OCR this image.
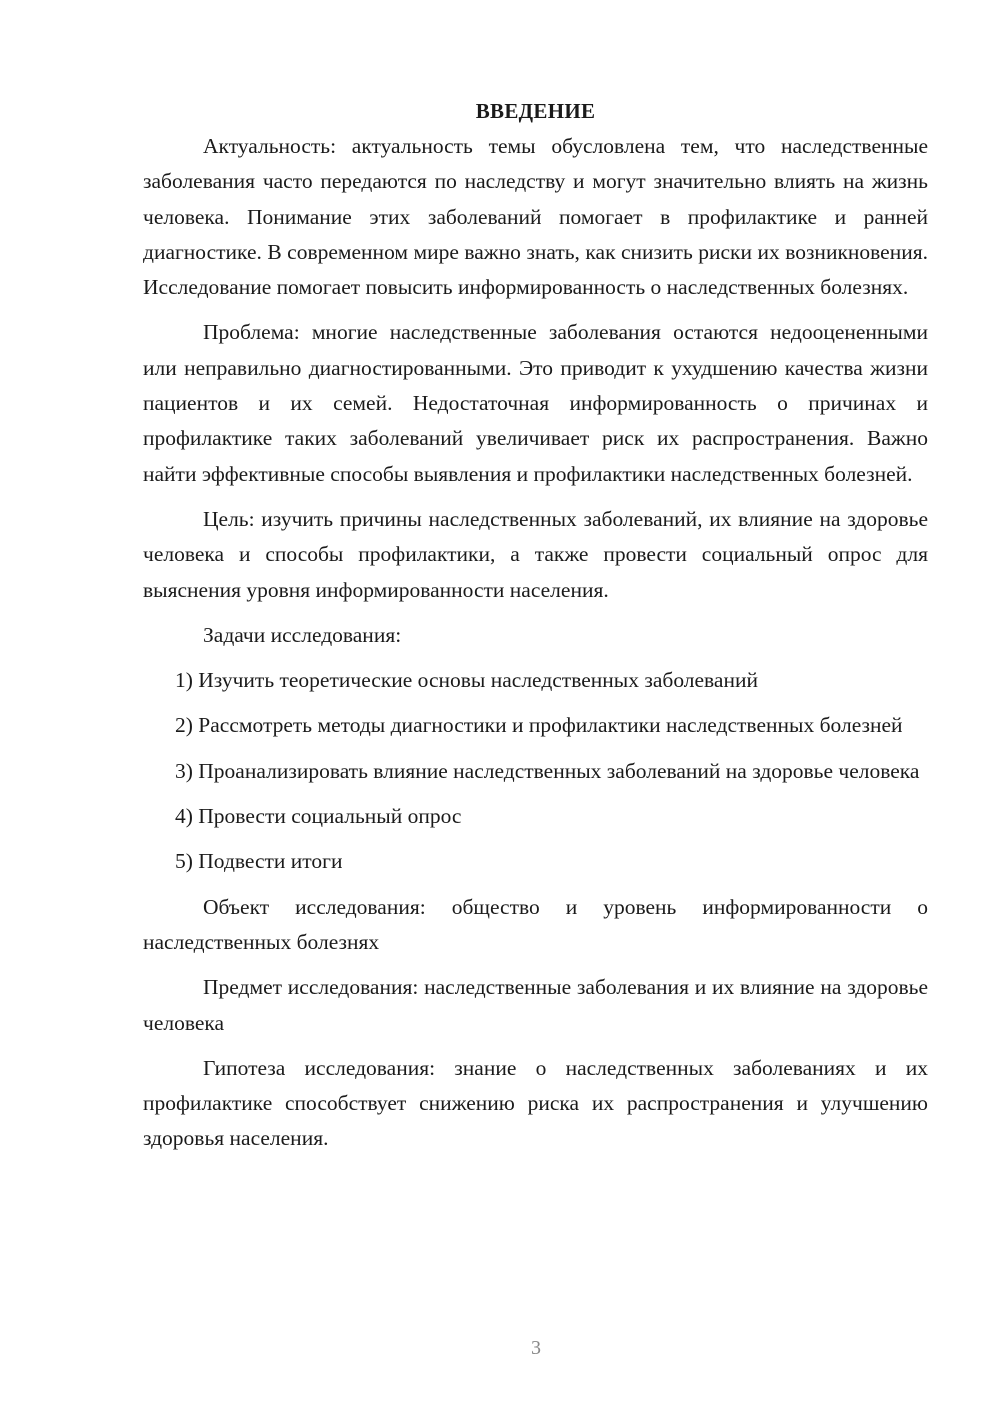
ВВЕДЕНИЕ

Актуальность: актуальность темы обусловлена тем, что наследственные заболевания часто передаются по наследству и могут значительно влиять на жизнь человека. Понимание этих заболеваний помогает в профилактике и ранней диагностике. В современном мире важно знать, как снизить риски их возникновения. Исследование помогает повысить информированность о наследственных болезнях.

Проблема: многие наследственные заболевания остаются недооцененными или неправильно диагностированными. Это приводит к ухудшению качества жизни пациентов и их семей. Недостаточная информированность о причинах и профилактике таких заболеваний увеличивает риск их распространения. Важно найти эффективные способы выявления и профилактики наследственных болезней.

Цель: изучить причины наследственных заболеваний, их влияние на здоровье человека и способы профилактики, а также провести социальный опрос для выяснения уровня информированности населения.

Задачи исследования:

1) Изучить теоретические основы наследственных заболеваний

2) Рассмотреть методы диагностики и профилактики наследственных болезней

3) Проанализировать влияние наследственных заболеваний на здоровье человека

4) Провести социальный опрос

5) Подвести итоги

Объект исследования: общество и уровень информированности о наследственных болезнях

Предмет исследования: наследственные заболевания и их влияние на здоровье человека

Гипотеза исследования: знание о наследственных заболеваниях и их профилактике способствует снижению риска их распространения и улучшению здоровья населения.

3
